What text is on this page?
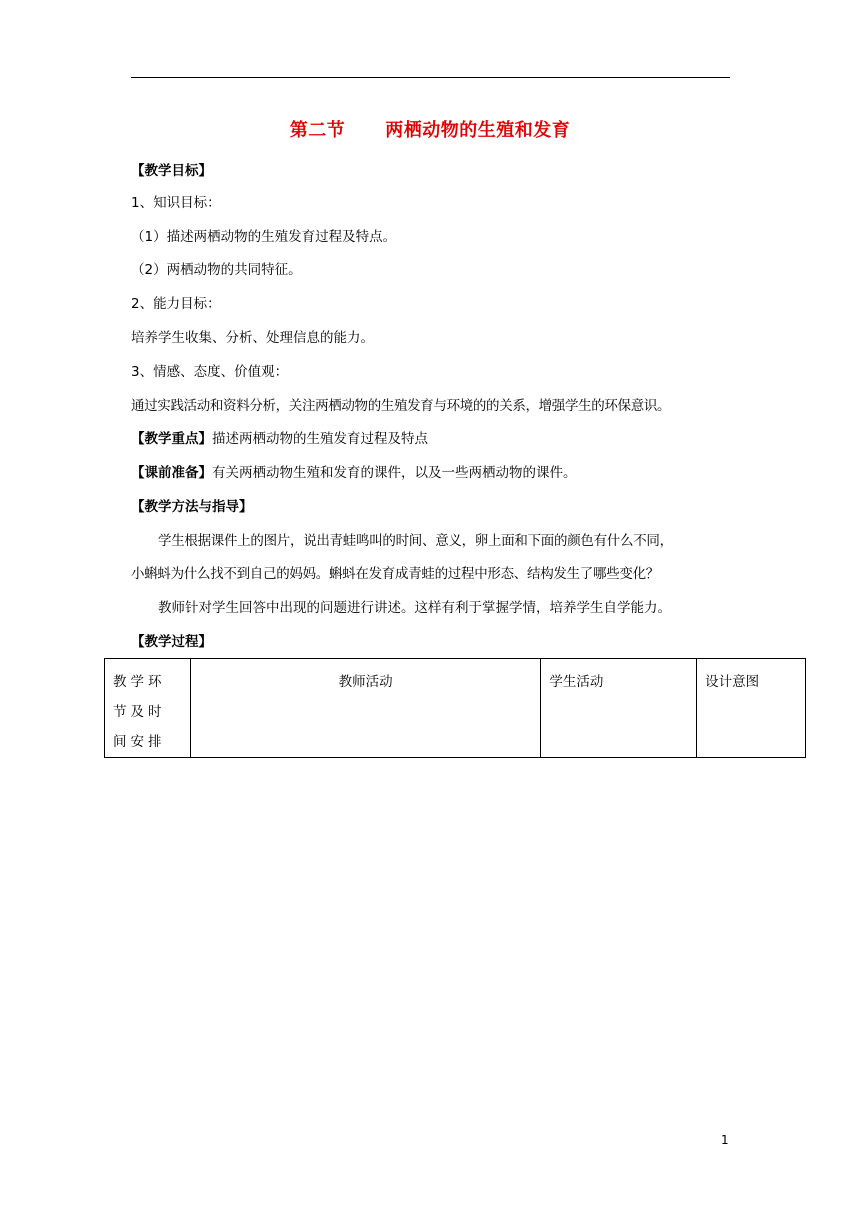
第二节 两栖动物的生殖和发育
【教学目标】
1、知识目标：
（1）描述两栖动物的生殖发育过程及特点。
（2）两栖动物的共同特征。
2、能力目标：
培养学生收集、分析、处理信息的能力。
3、情感、态度、价值观：
通过实践活动和资料分析，关注两栖动物的生殖发育与环境的的关系，增强学生的环保意识。
【教学重点】描述两栖动物的生殖发育过程及特点
【课前准备】有关两栖动物生殖和发育的课件，以及一些两栖动物的课件。
【教学方法与指导】
学生根据课件上的图片，说出青蛙鸣叫的时间、意义，卵上面和下面的颜色有什么不同，
小蝌蚪为什么找不到自己的妈妈。蝌蚪在发育成青蛙的过程中形态、结构发生了哪些变化？
教师针对学生回答中出现的问题进行讲述。这样有利于掌握学情，培养学生自学能力。
【教学过程】
教学环节及时间安排	教师活动	学生活动	设计意图
1
